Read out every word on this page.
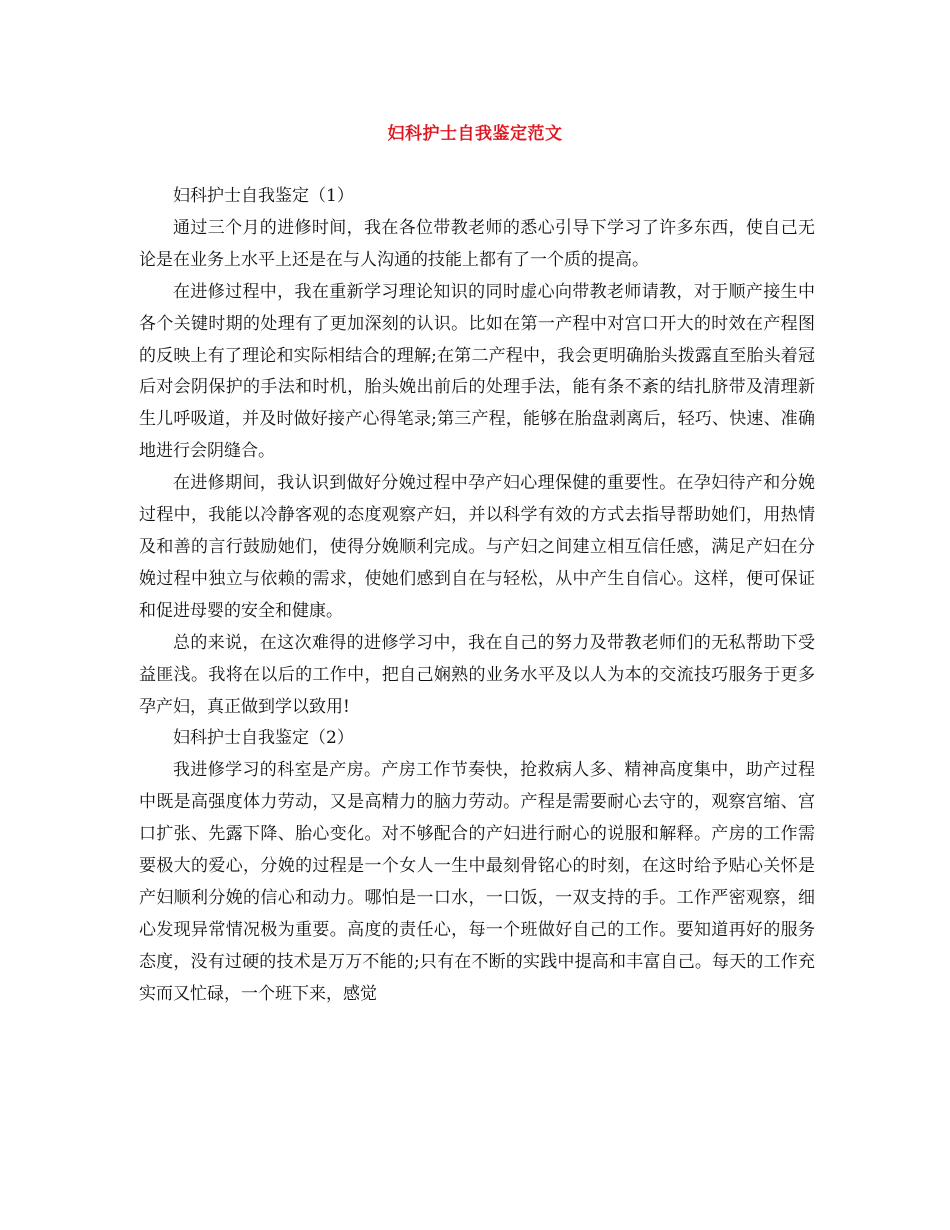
妇科护士自我鉴定范文

妇科护士自我鉴定（1）

通过三个月的进修时间，我在各位带教老师的悉心引导下学习了许多东西，使自己无论是在业务上水平上还是在与人沟通的技能上都有了一个质的提高。

在进修过程中，我在重新学习理论知识的同时虚心向带教老师请教，对于顺产接生中各个关键时期的处理有了更加深刻的认识。比如在第一产程中对宫口开大的时效在产程图的反映上有了理论和实际相结合的理解;在第二产程中，我会更明确胎头拨露直至胎头着冠后对会阴保护的手法和时机，胎头娩出前后的处理手法，能有条不紊的结扎脐带及清理新生儿呼吸道，并及时做好接产心得笔录;第三产程，能够在胎盘剥离后，轻巧、快速、准确地进行会阴缝合。

在进修期间，我认识到做好分娩过程中孕产妇心理保健的重要性。在孕妇待产和分娩过程中，我能以冷静客观的态度观察产妇，并以科学有效的方式去指导帮助她们，用热情及和善的言行鼓励她们，使得分娩顺利完成。与产妇之间建立相互信任感，满足产妇在分娩过程中独立与依赖的需求，使她们感到自在与轻松，从中产生自信心。这样，便可保证和促进母婴的安全和健康。

总的来说，在这次难得的进修学习中，我在自己的努力及带教老师们的无私帮助下受益匪浅。我将在以后的工作中，把自己娴熟的业务水平及以人为本的交流技巧服务于更多孕产妇，真正做到学以致用!

妇科护士自我鉴定（2）

我进修学习的科室是产房。产房工作节奏快，抢救病人多、精神高度集中，助产过程中既是高强度体力劳动，又是高精力的脑力劳动。产程是需要耐心去守的，观察宫缩、宫口扩张、先露下降、胎心变化。对不够配合的产妇进行耐心的说服和解释。产房的工作需要极大的爱心，分娩的过程是一个女人一生中最刻骨铭心的时刻，在这时给予贴心关怀是产妇顺利分娩的信心和动力。哪怕是一口水，一口饭，一双支持的手。工作严密观察，细心发现异常情况极为重要。高度的责任心，每一个班做好自己的工作。要知道再好的服务态度，没有过硬的技术是万万不能的;只有在不断的实践中提高和丰富自己。每天的工作充实而又忙碌，一个班下来，感觉
